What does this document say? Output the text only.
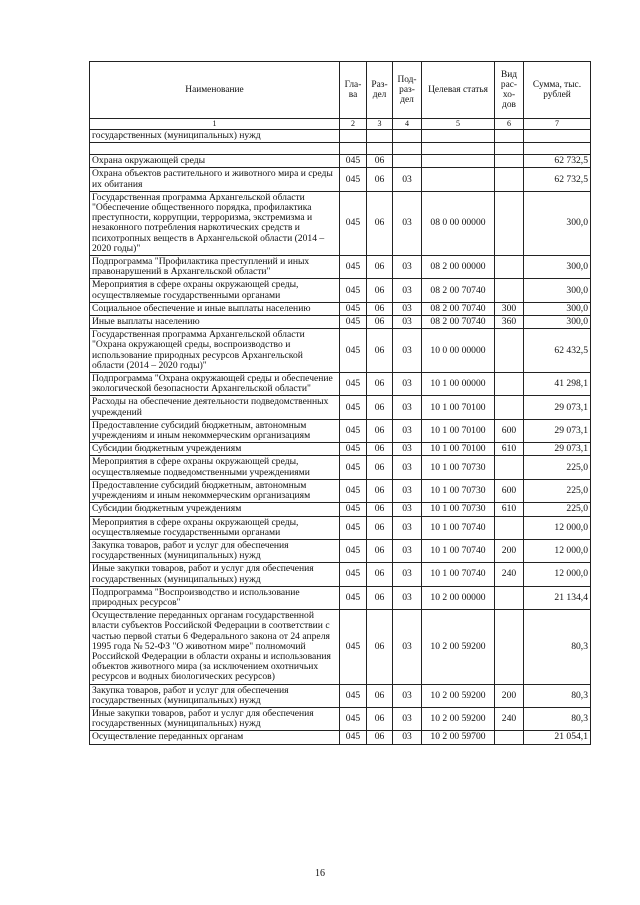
Наименование	Гла-ва	Раз-дел	Под-раз-дел	Целевая статья	Вид рас-хо-дов	Сумма, тыс. рублей
1	2	3	4	5	6	7
государственных (муниципальных) нужд						

Охрана окружающей среды	045	06				62 732,5
Охрана объектов растительного и животного мира и среды их обитания	045	06	03			62 732,5
Государственная программа Архангельской области "Обеспечение общественного порядка, профилактика преступности, коррупции, терроризма, экстремизма и незаконного потребления наркотических средств и психотропных веществ в Архангельской области (2014 – 2020 годы)"	045	06	03	08 0 00 00000		300,0
Подпрограмма "Профилактика преступлений и иных правонарушений в Архангельской области"	045	06	03	08 2 00 00000		300,0
Мероприятия в сфере охраны окружающей среды, осуществляемые государственными органами	045	06	03	08 2 00 70740		300,0
Социальное обеспечение и иные выплаты населению	045	06	03	08 2 00 70740	300	300,0
Иные выплаты населению	045	06	03	08 2 00 70740	360	300,0
Государственная программа Архангельской области "Охрана окружающей среды, воспроизводство и использование природных ресурсов Архангельской области (2014 – 2020 годы)"	045	06	03	10 0 00 00000		62 432,5
Подпрограмма "Охрана окружающей среды и обеспечение экологической безопасности Архангельской области"	045	06	03	10 1 00 00000		41 298,1
Расходы на обеспечение деятельности подведомственных учреждений	045	06	03	10 1 00 70100		29 073,1
Предоставление субсидий бюджетным, автономным учреждениям и иным некоммерческим организациям	045	06	03	10 1 00 70100	600	29 073,1
Субсидии бюджетным учреждениям	045	06	03	10 1 00 70100	610	29 073,1
Мероприятия в сфере охраны окружающей среды, осуществляемые подведомственными учреждениями	045	06	03	10 1 00 70730		225,0
Предоставление субсидий бюджетным, автономным учреждениям и иным некоммерческим организациям	045	06	03	10 1 00 70730	600	225,0
Субсидии бюджетным учреждениям	045	06	03	10 1 00 70730	610	225,0
Мероприятия в сфере охраны окружающей среды, осуществляемые государственными органами	045	06	03	10 1 00 70740		12 000,0
Закупка товаров, работ и услуг для обеспечения государственных (муниципальных) нужд	045	06	03	10 1 00 70740	200	12 000,0
Иные закупки товаров, работ и услуг для обеспечения государственных (муниципальных) нужд	045	06	03	10 1 00 70740	240	12 000,0
Подпрограмма "Воспроизводство и использование природных ресурсов"	045	06	03	10 2 00 00000		21 134,4
Осуществление переданных органам государственной власти субъектов Российской Федерации в соответствии с частью первой статьи 6 Федерального закона от 24 апреля 1995 года № 52-ФЗ "О животном мире" полномочий Российской Федерации в области охраны и использования объектов животного мира (за исключением охотничьих ресурсов и водных биологических ресурсов)	045	06	03	10 2 00 59200		80,3
Закупка товаров, работ и услуг для обеспечения государственных (муниципальных) нужд	045	06	03	10 2 00 59200	200	80,3
Иные закупки товаров, работ и услуг для обеспечения государственных (муниципальных) нужд	045	06	03	10 2 00 59200	240	80,3
Осуществление переданных органам	045	06	03	10 2 00 59700		21 054,1
16
